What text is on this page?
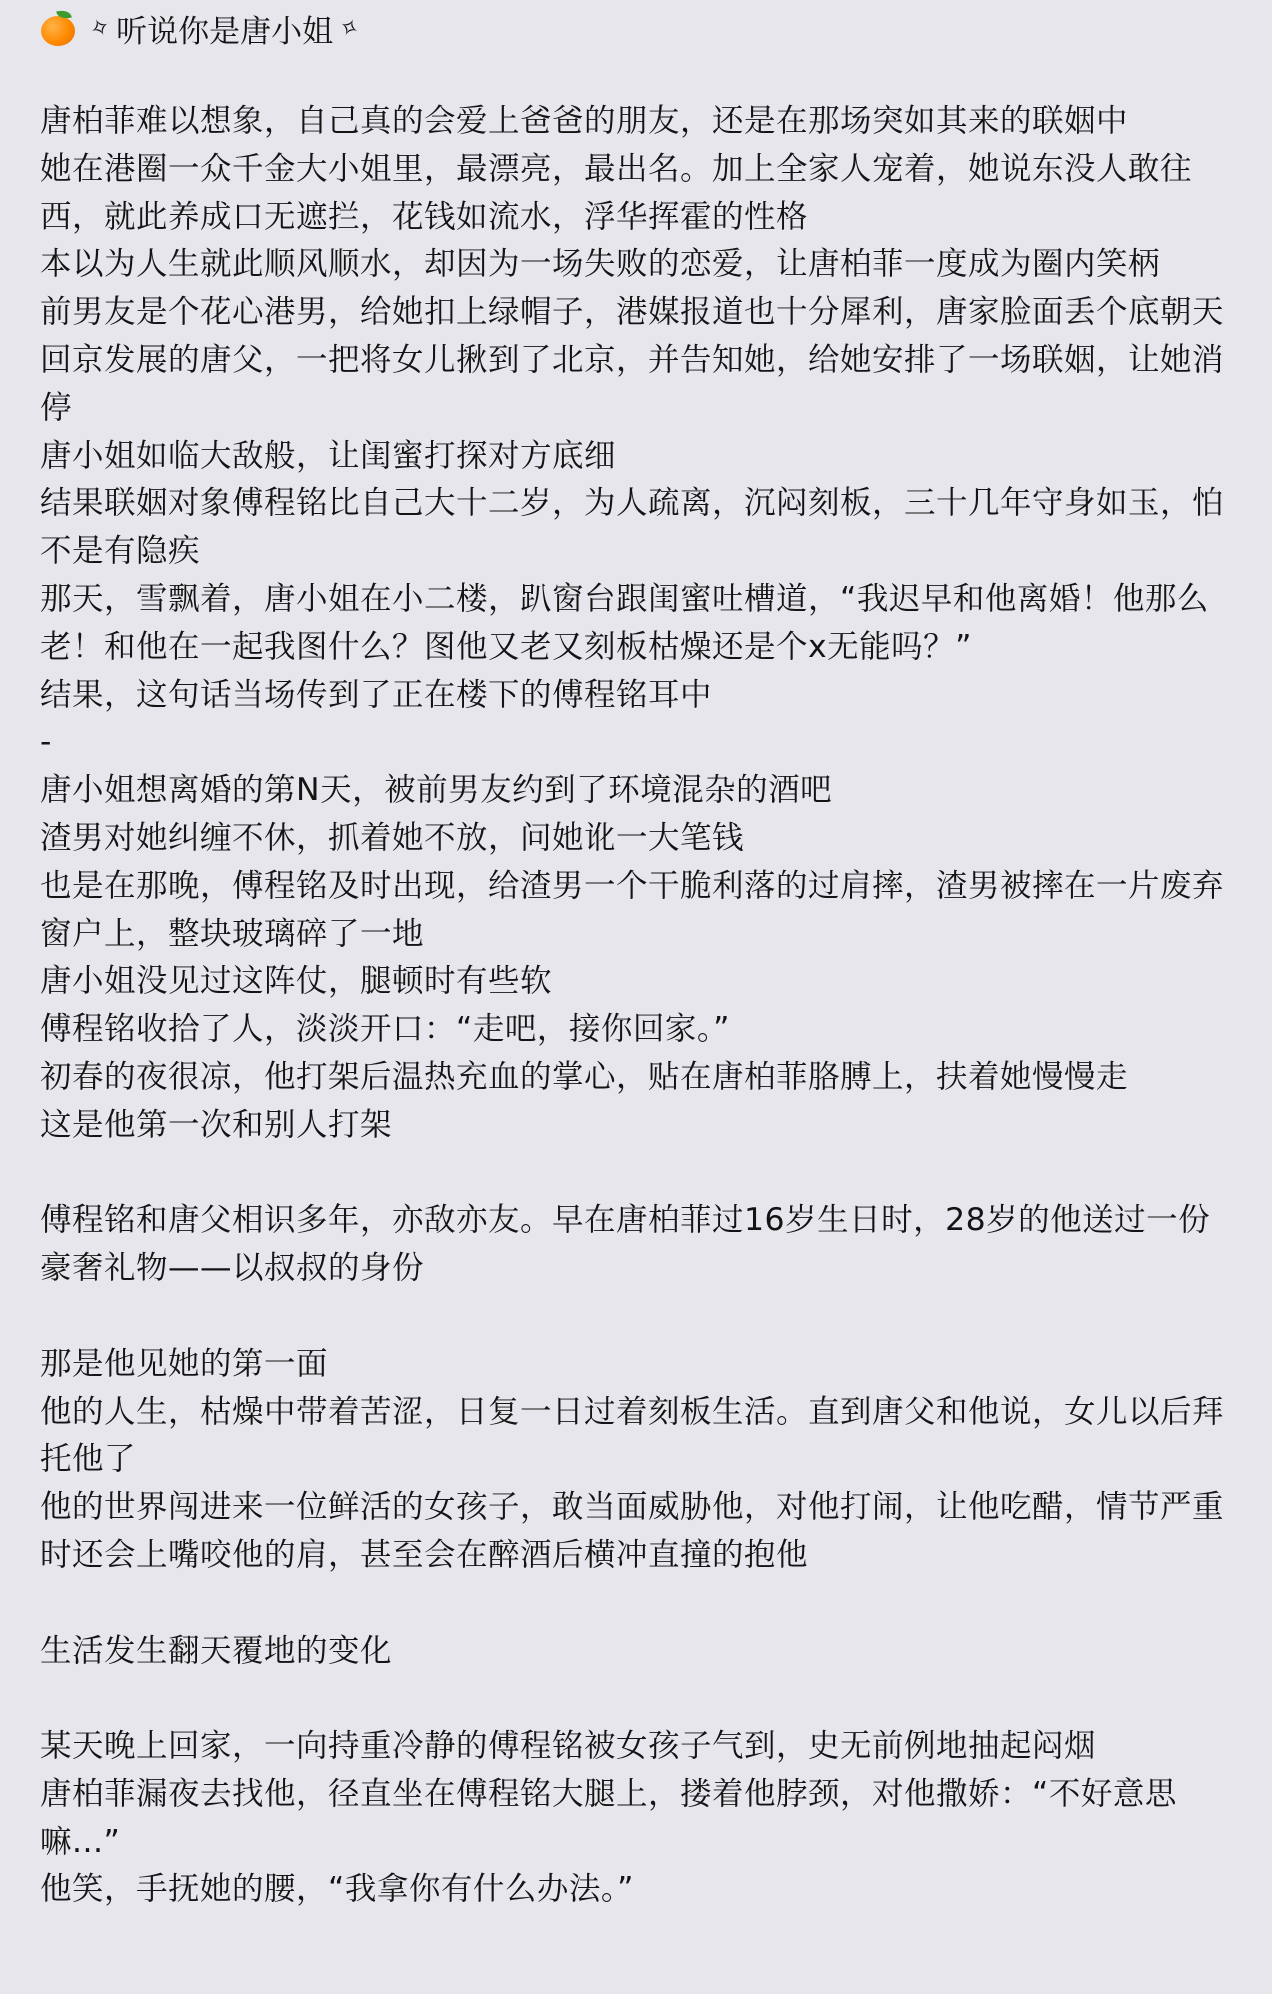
✧ 听说你是唐小姐 ✧

唐柏菲难以想象，自己真的会爱上爸爸的朋友，还是在那场突如其来的联姻中

她在港圈一众千金大小姐里，最漂亮，最出名。加上全家人宠着，她说东没人敢往西，就此养成口无遮拦，花钱如流水，浮华挥霍的性格

本以为人生就此顺风顺水，却因为一场失败的恋爱，让唐柏菲一度成为圈内笑柄

前男友是个花心港男，给她扣上绿帽子，港媒报道也十分犀利，唐家脸面丢个底朝天

回京发展的唐父，一把将女儿揪到了北京，并告知她，给她安排了一场联姻，让她消停

唐小姐如临大敌般，让闺蜜打探对方底细

结果联姻对象傅程铭比自己大十二岁，为人疏离，沉闷刻板，三十几年守身如玉，怕不是有隐疾

那天，雪飘着，唐小姐在小二楼，趴窗台跟闺蜜吐槽道，“我迟早和他离婚！他那么老！和他在一起我图什么？图他又老又刻板枯燥还是个x无能吗？”

结果，这句话当场传到了正在楼下的傅程铭耳中

-

唐小姐想离婚的第N天，被前男友约到了环境混杂的酒吧

渣男对她纠缠不休，抓着她不放，问她讹一大笔钱

也是在那晚，傅程铭及时出现，给渣男一个干脆利落的过肩摔，渣男被摔在一片废弃窗户上，整块玻璃碎了一地

唐小姐没见过这阵仗，腿顿时有些软

傅程铭收拾了人，淡淡开口：“走吧，接你回家。”

初春的夜很凉，他打架后温热充血的掌心，贴在唐柏菲胳膊上，扶着她慢慢走

这是他第一次和别人打架

傅程铭和唐父相识多年，亦敌亦友。早在唐柏菲过16岁生日时，28岁的他送过一份豪奢礼物——以叔叔的身份

那是他见她的第一面

他的人生，枯燥中带着苦涩，日复一日过着刻板生活。直到唐父和他说，女儿以后拜托他了

他的世界闯进来一位鲜活的女孩子，敢当面威胁他，对他打闹，让他吃醋，情节严重时还会上嘴咬他的肩，甚至会在醉酒后横冲直撞的抱他

生活发生翻天覆地的变化

某天晚上回家，一向持重冷静的傅程铭被女孩子气到，史无前例地抽起闷烟

唐柏菲漏夜去找他，径直坐在傅程铭大腿上，搂着他脖颈，对他撒娇：“不好意思嘛...”

他笑，手抚她的腰，“我拿你有什么办法。”
